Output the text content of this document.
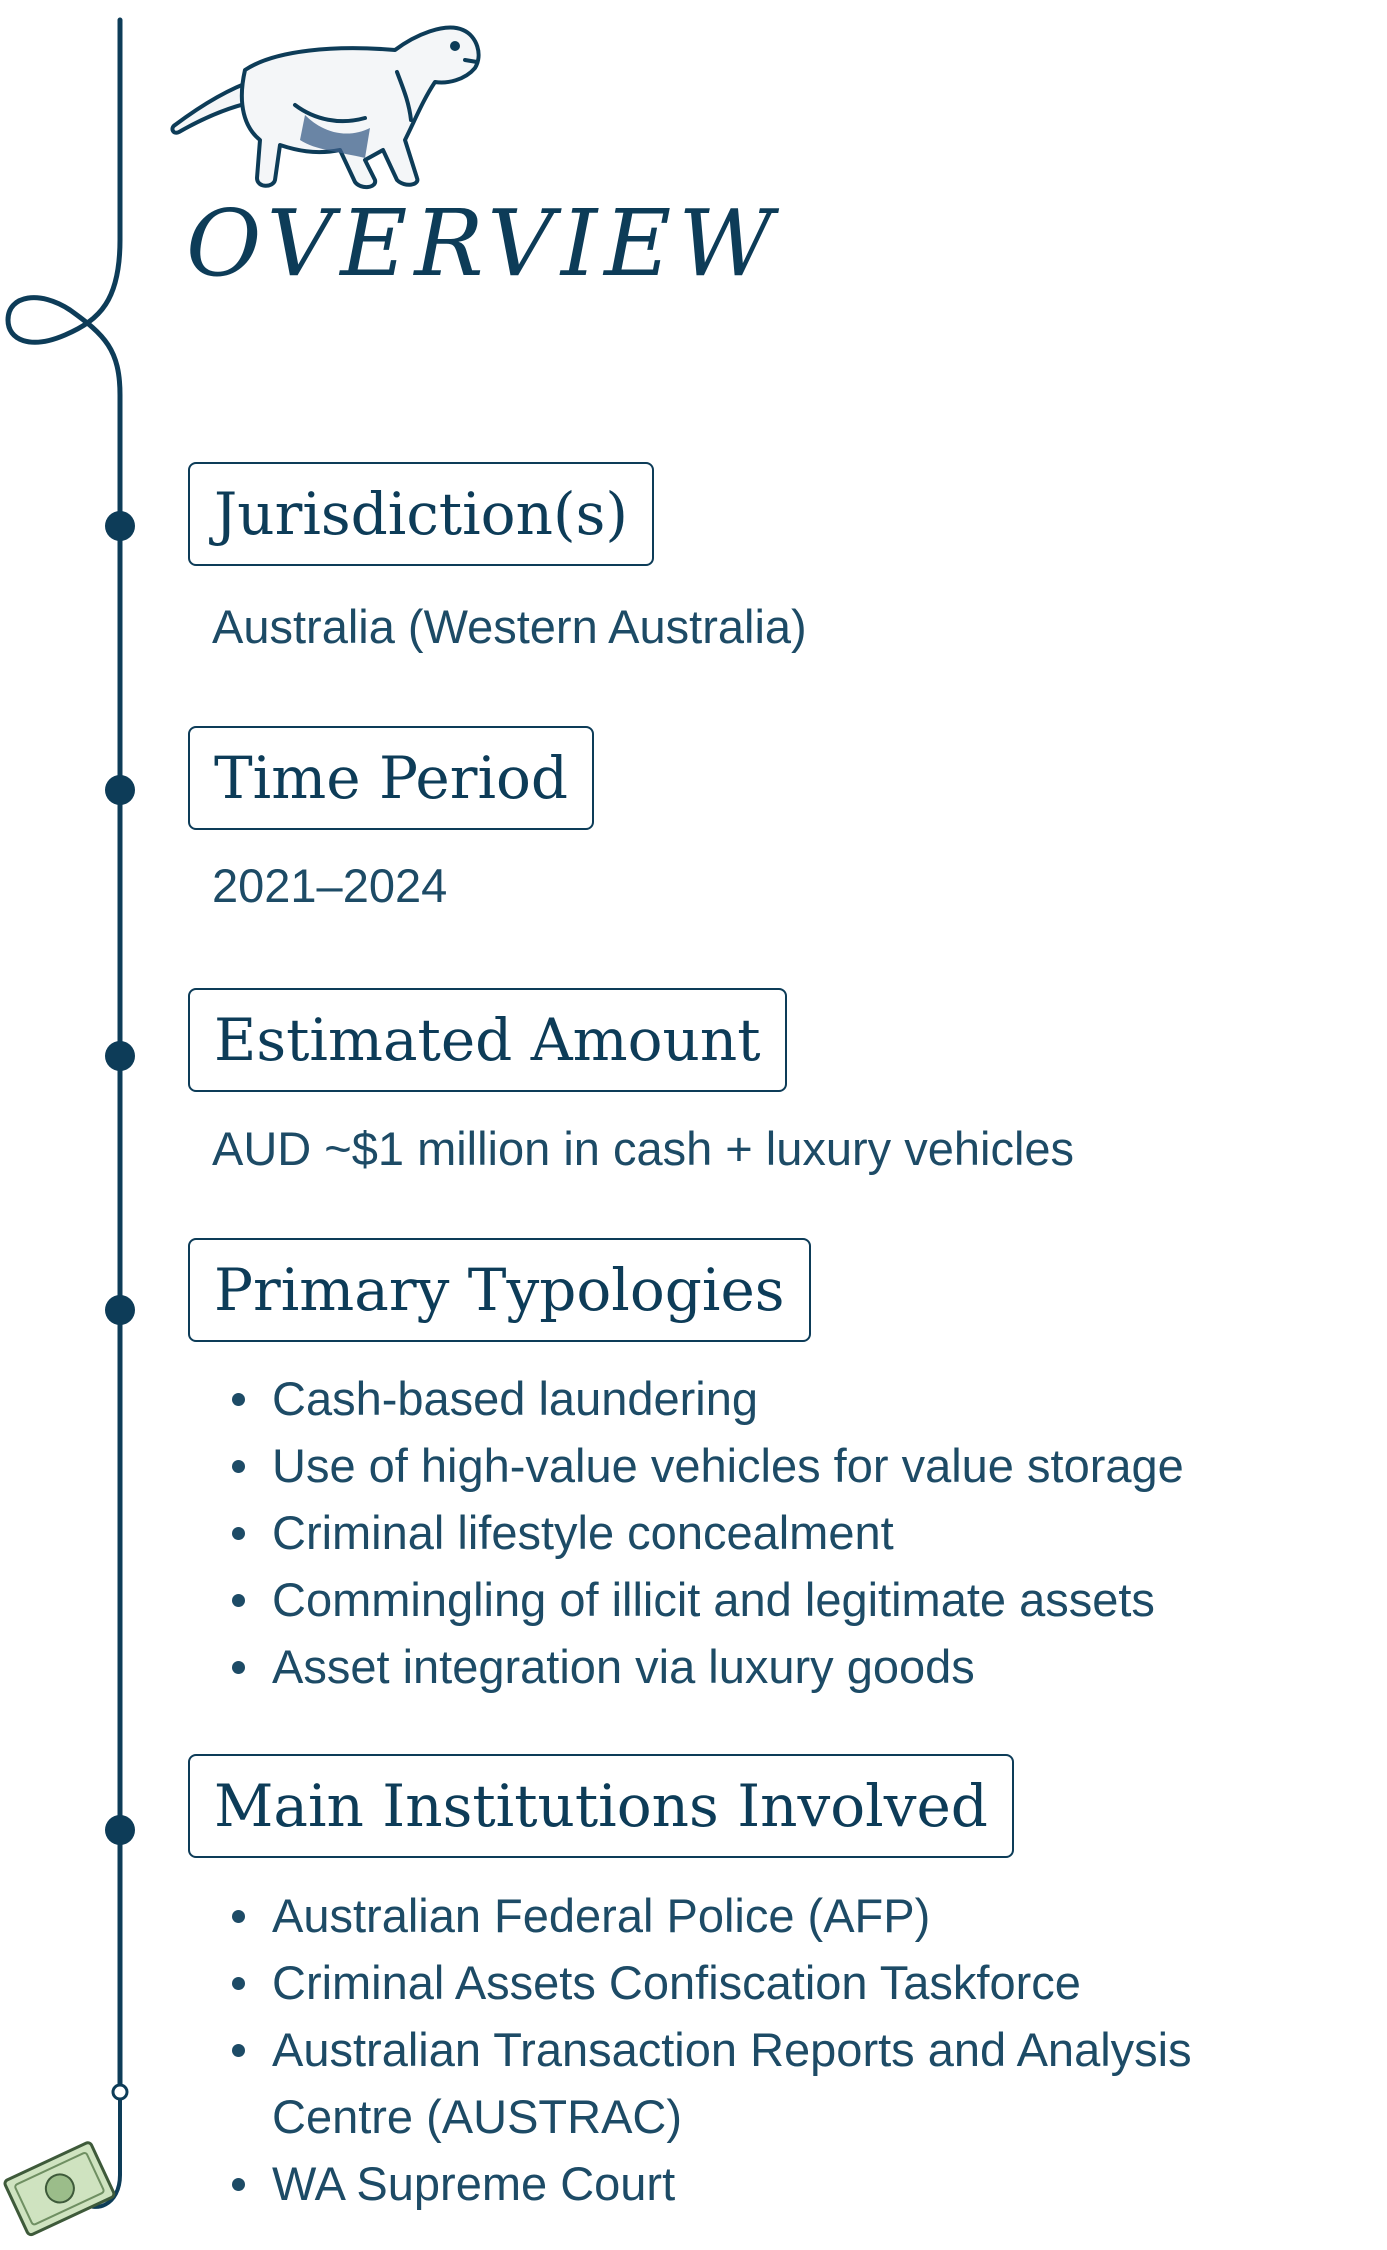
OVERVIEW
Jurisdiction(s)

Australia (Western Australia)

Time Period

2021–2024

Estimated Amount

AUD ~$1 million in cash + luxury vehicles

Primary Typologies
Cash-based laundering
Use of high-value vehicles for value storage
Criminal lifestyle concealment
Commingling of illicit and legitimate assets
Asset integration via luxury goods
Main Institutions Involved
Australian Federal Police (AFP)
Criminal Assets Confiscation Taskforce
Australian Transaction Reports and Analysis Centre (AUSTRAC)
WA Supreme Court
